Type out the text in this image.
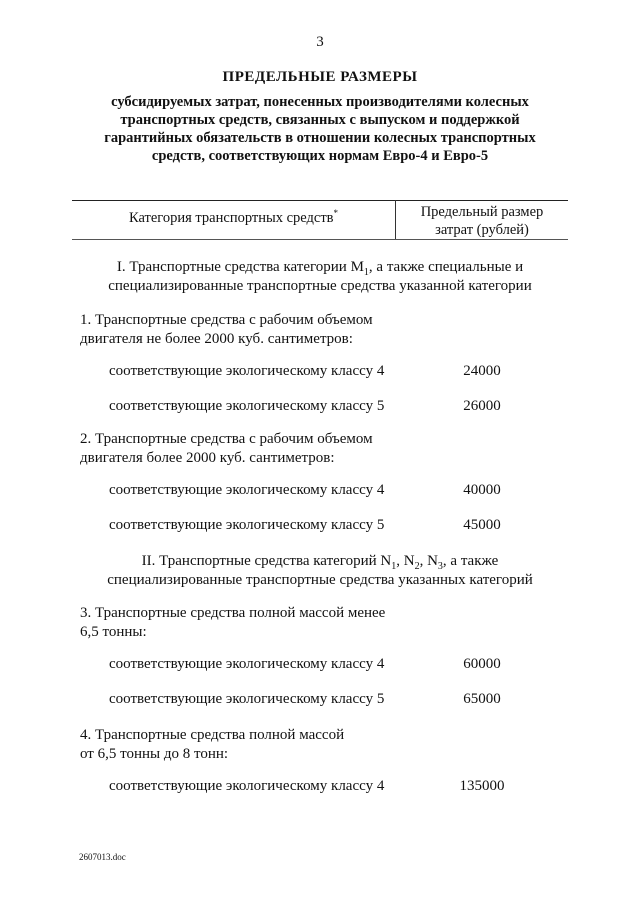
3
ПРЕДЕЛЬНЫЕ РАЗМЕРЫ
субсидируемых затрат, понесенных производителями колесных
транспортных средств, связанных с выпуском и поддержкой
гарантийных обязательств в отношении колесных транспортных
средств, соответствующих нормам Евро-4 и Евро-5
Категория транспортных средств*	Предельный размер
затрат (рублей)
I. Транспортные средства категории $M_1$, а также специальные и
специализированные транспортные средства указанной категории
1. Транспортные средства с рабочим объемом
двигателя не более 2000 куб. сантиметров:
соответствующие экологическому классу 4	24000
соответствующие экологическому классу 5	26000
2. Транспортные средства с рабочим объемом
двигателя более 2000 куб. сантиметров:
соответствующие экологическому классу 4	40000
соответствующие экологическому классу 5	45000
II. Транспортные средства категорий $N_1$, $N_2$, $N_3$, а также
специализированные транспортные средства указанных категорий
3. Транспортные средства полной массой менее
6,5 тонны:
соответствующие экологическому классу 4	60000
соответствующие экологическому классу 5	65000
4. Транспортные средства полной массой
от 6,5 тонны до 8 тонн:
соответствующие экологическому классу 4	135000
2607013.doc
